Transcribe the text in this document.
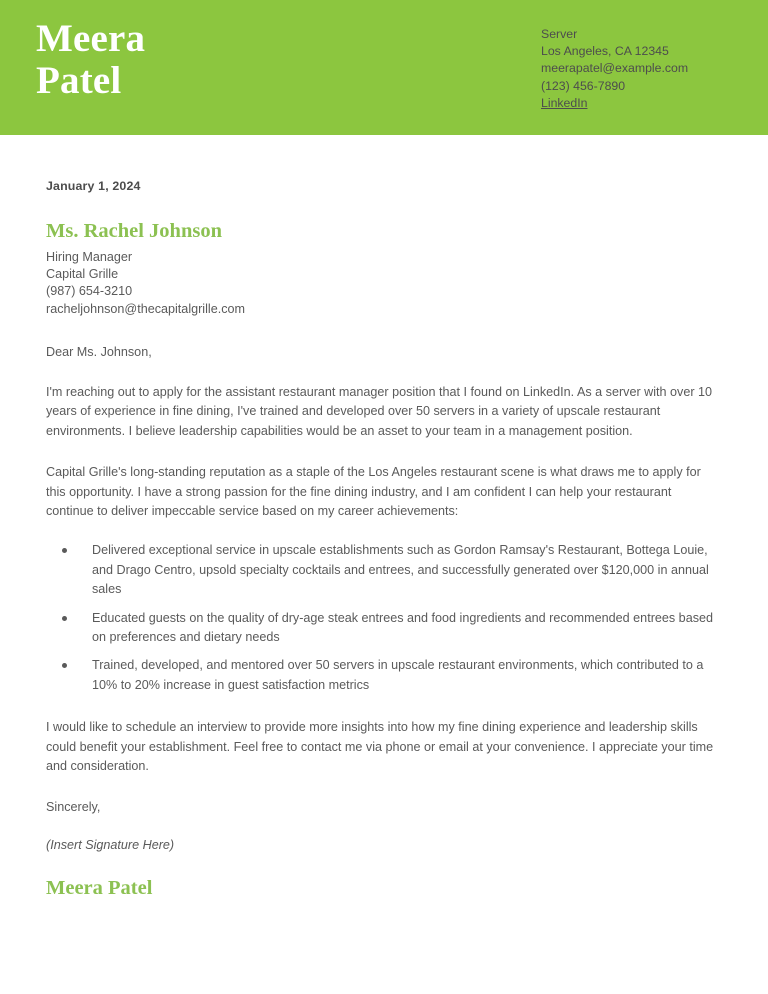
Meera
Patel
Server
Los Angeles, CA 12345
meerapatel@example.com
(123) 456-7890
LinkedIn
January 1, 2024
Ms. Rachel Johnson
Hiring Manager
Capital Grille
(987) 654-3210
racheljohnson@thecapitalgrille.com
Dear Ms. Johnson,

I'm reaching out to apply for the assistant restaurant manager position that I found on LinkedIn. As a server with over 10 years of experience in fine dining, I've trained and developed over 50 servers in a variety of upscale restaurant environments. I believe leadership capabilities would be an asset to your team in a management position.

Capital Grille's long-standing reputation as a staple of the Los Angeles restaurant scene is what draws me to apply for this opportunity. I have a strong passion for the fine dining industry, and I am confident I can help your restaurant continue to deliver impeccable service based on my career achievements:

Delivered exceptional service in upscale establishments such as Gordon Ramsay's Restaurant, Bottega Louie, and Drago Centro, upsold specialty cocktails and entrees, and successfully generated over $120,000 in annual sales
Educated guests on the quality of dry-age steak entrees and food ingredients and recommended entrees based on preferences and dietary needs
Trained, developed, and mentored over 50 servers in upscale restaurant environments, which contributed to a 10% to 20% increase in guest satisfaction metrics

I would like to schedule an interview to provide more insights into how my fine dining experience and leadership skills could benefit your establishment. Feel free to contact me via phone or email at your convenience. I appreciate your time and consideration.

Sincerely,
(Insert Signature Here)
Meera Patel
